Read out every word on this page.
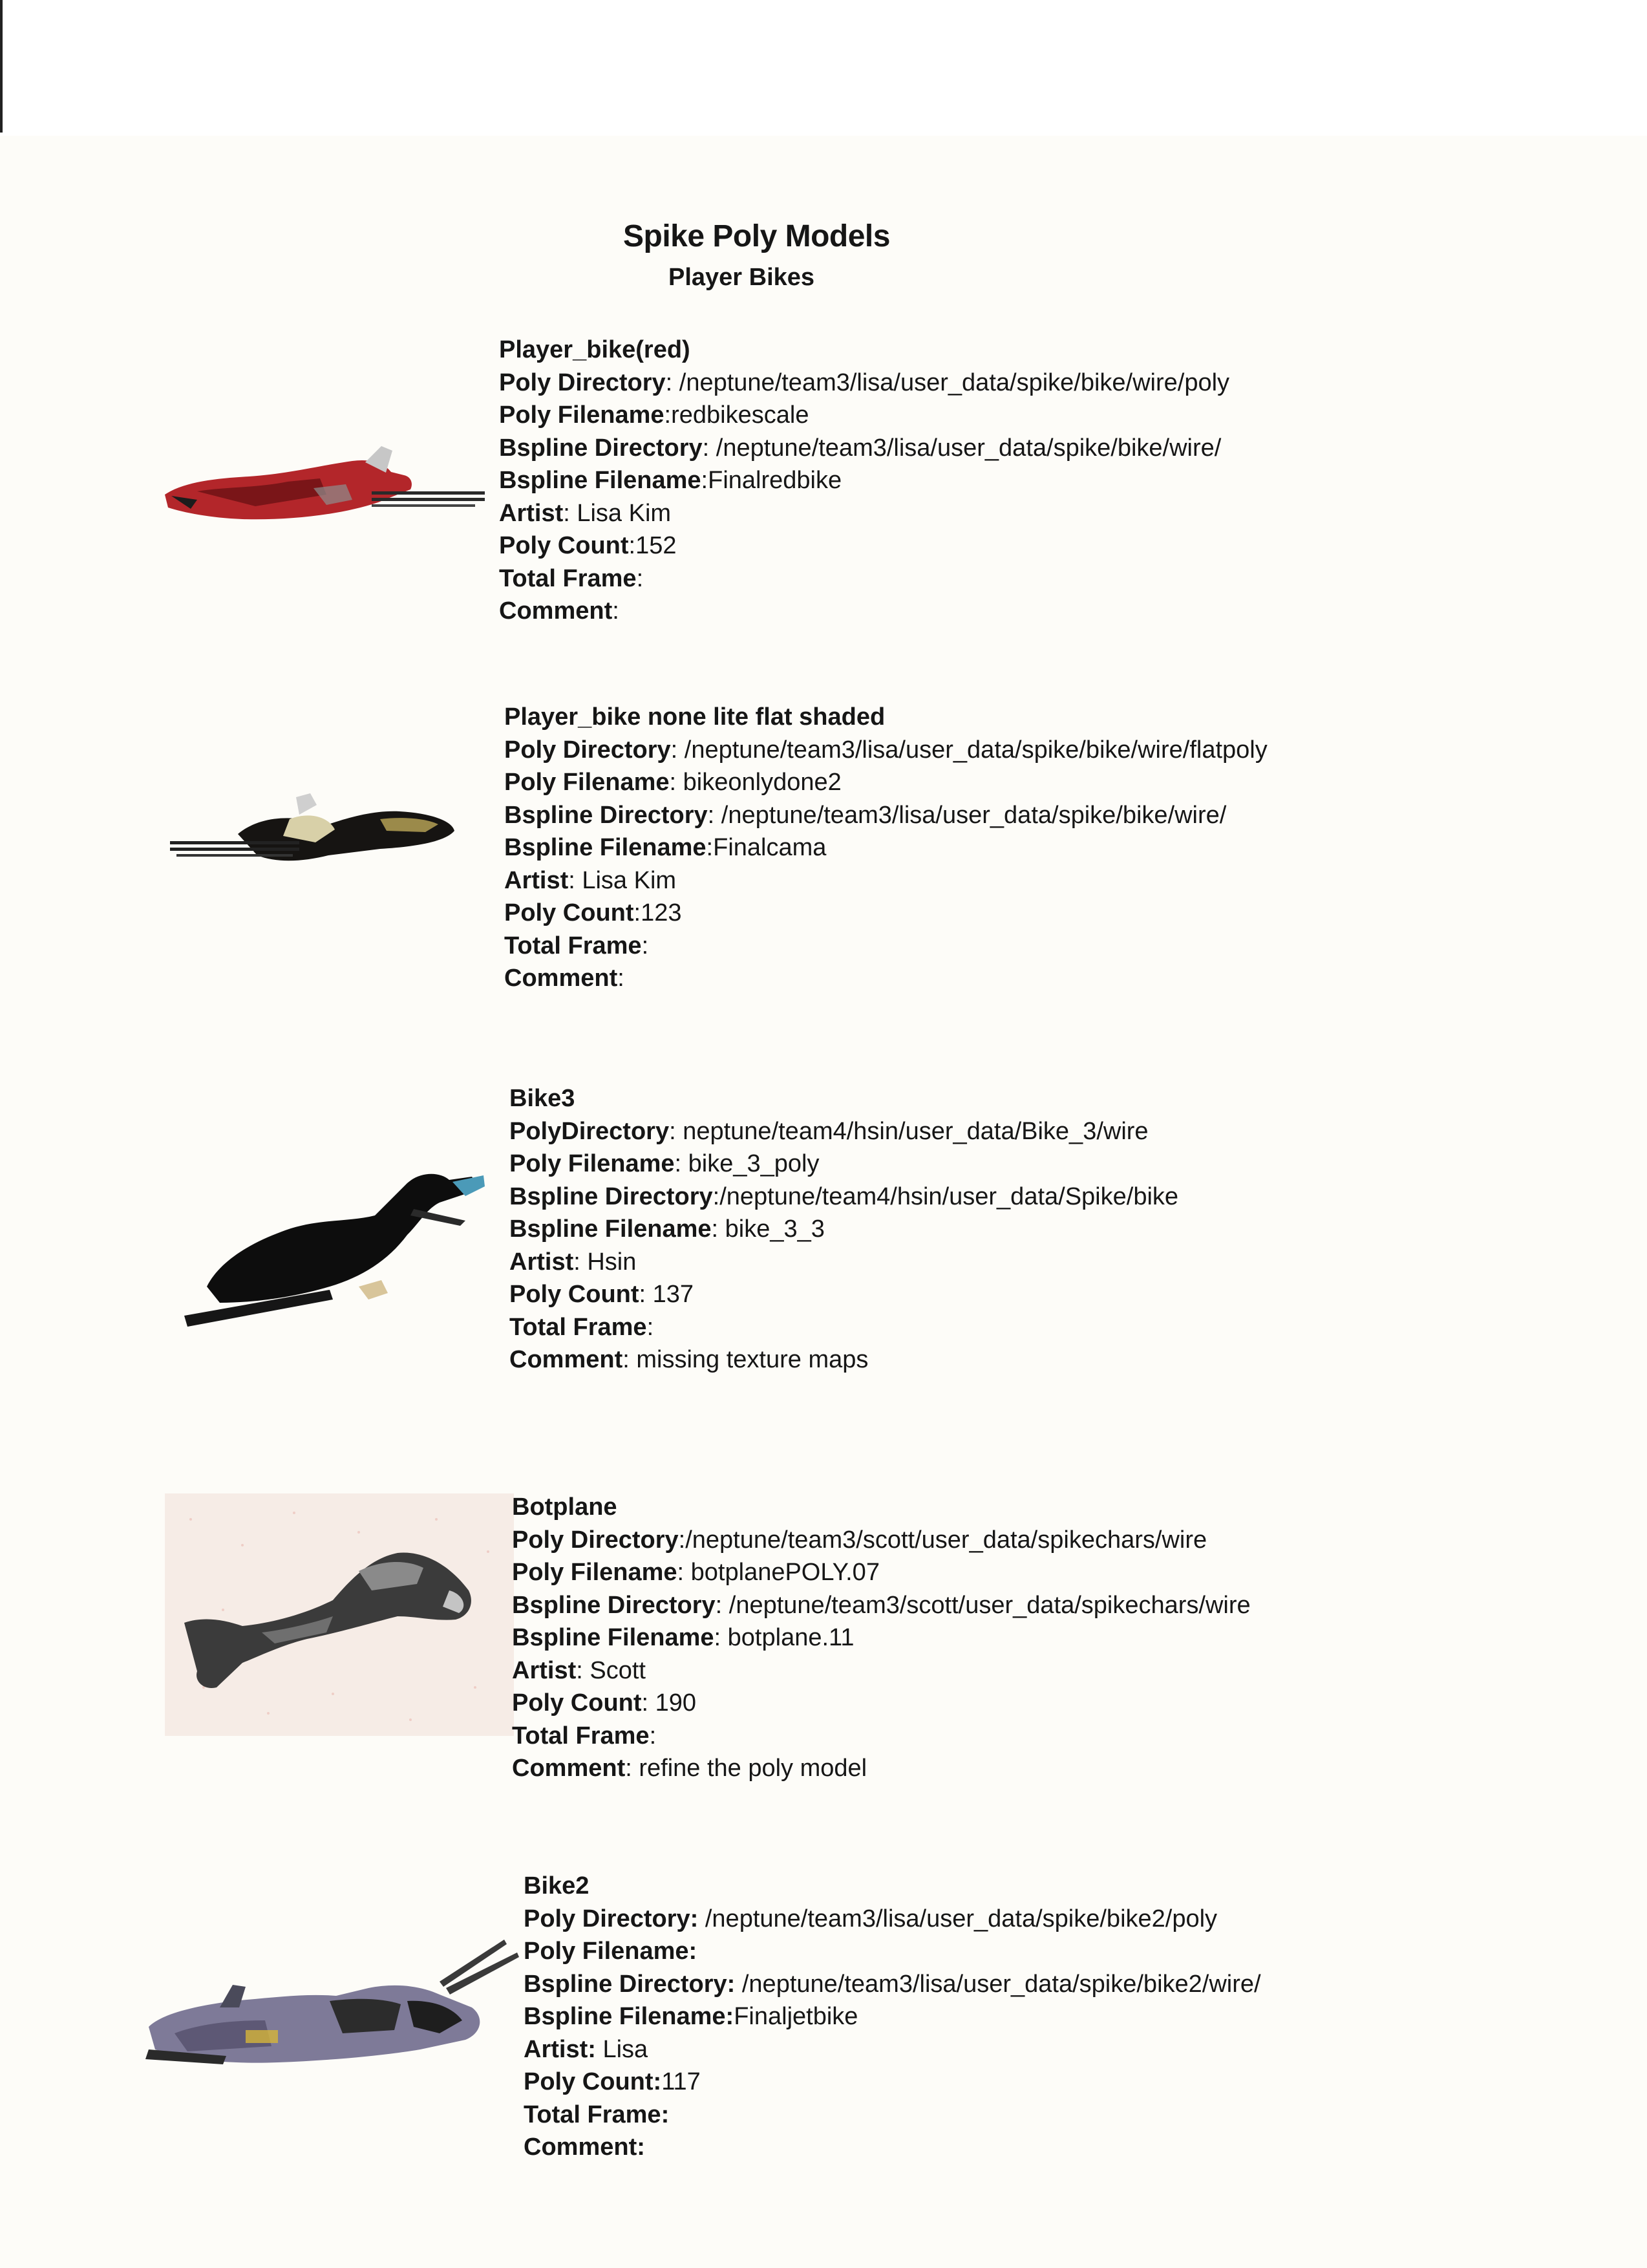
Spike Poly Models
Player Bikes
Player_bike(red)
Poly Directory: /neptune/team3/lisa/user_data/spike/bike/wire/poly
Poly Filename:redbikescale
Bspline Directory: /neptune/team3/lisa/user_data/spike/bike/wire/
Bspline Filename:Finalredbike
Artist: Lisa Kim
Poly Count:152
Total Frame:
Comment:
Player_bike none lite flat shaded
Poly Directory: /neptune/team3/lisa/user_data/spike/bike/wire/flatpoly
Poly Filename: bikeonlydone2
Bspline Directory: /neptune/team3/lisa/user_data/spike/bike/wire/
Bspline Filename:Finalcama
Artist: Lisa Kim
Poly Count:123
Total Frame:
Comment:
Bike3
PolyDirectory: neptune/team4/hsin/user_data/Bike_3/wire
Poly Filename: bike_3_poly
Bspline Directory:/neptune/team4/hsin/user_data/Spike/bike
Bspline Filename: bike_3_3
Artist: Hsin
Poly Count: 137
Total Frame:
Comment: missing texture maps
Botplane
Poly Directory:/neptune/team3/scott/user_data/spikechars/wire
Poly Filename: botplanePOLY.07
Bspline Directory: /neptune/team3/scott/user_data/spikechars/wire
Bspline Filename: botplane.11
Artist: Scott
Poly Count: 190
Total Frame:
Comment: refine the poly model
Bike2
Poly Directory: /neptune/team3/lisa/user_data/spike/bike2/poly
Poly Filename:
Bspline Directory: /neptune/team3/lisa/user_data/spike/bike2/wire/
Bspline Filename:Finaljetbike
Artist: Lisa
Poly Count:117
Total Frame:
Comment:
